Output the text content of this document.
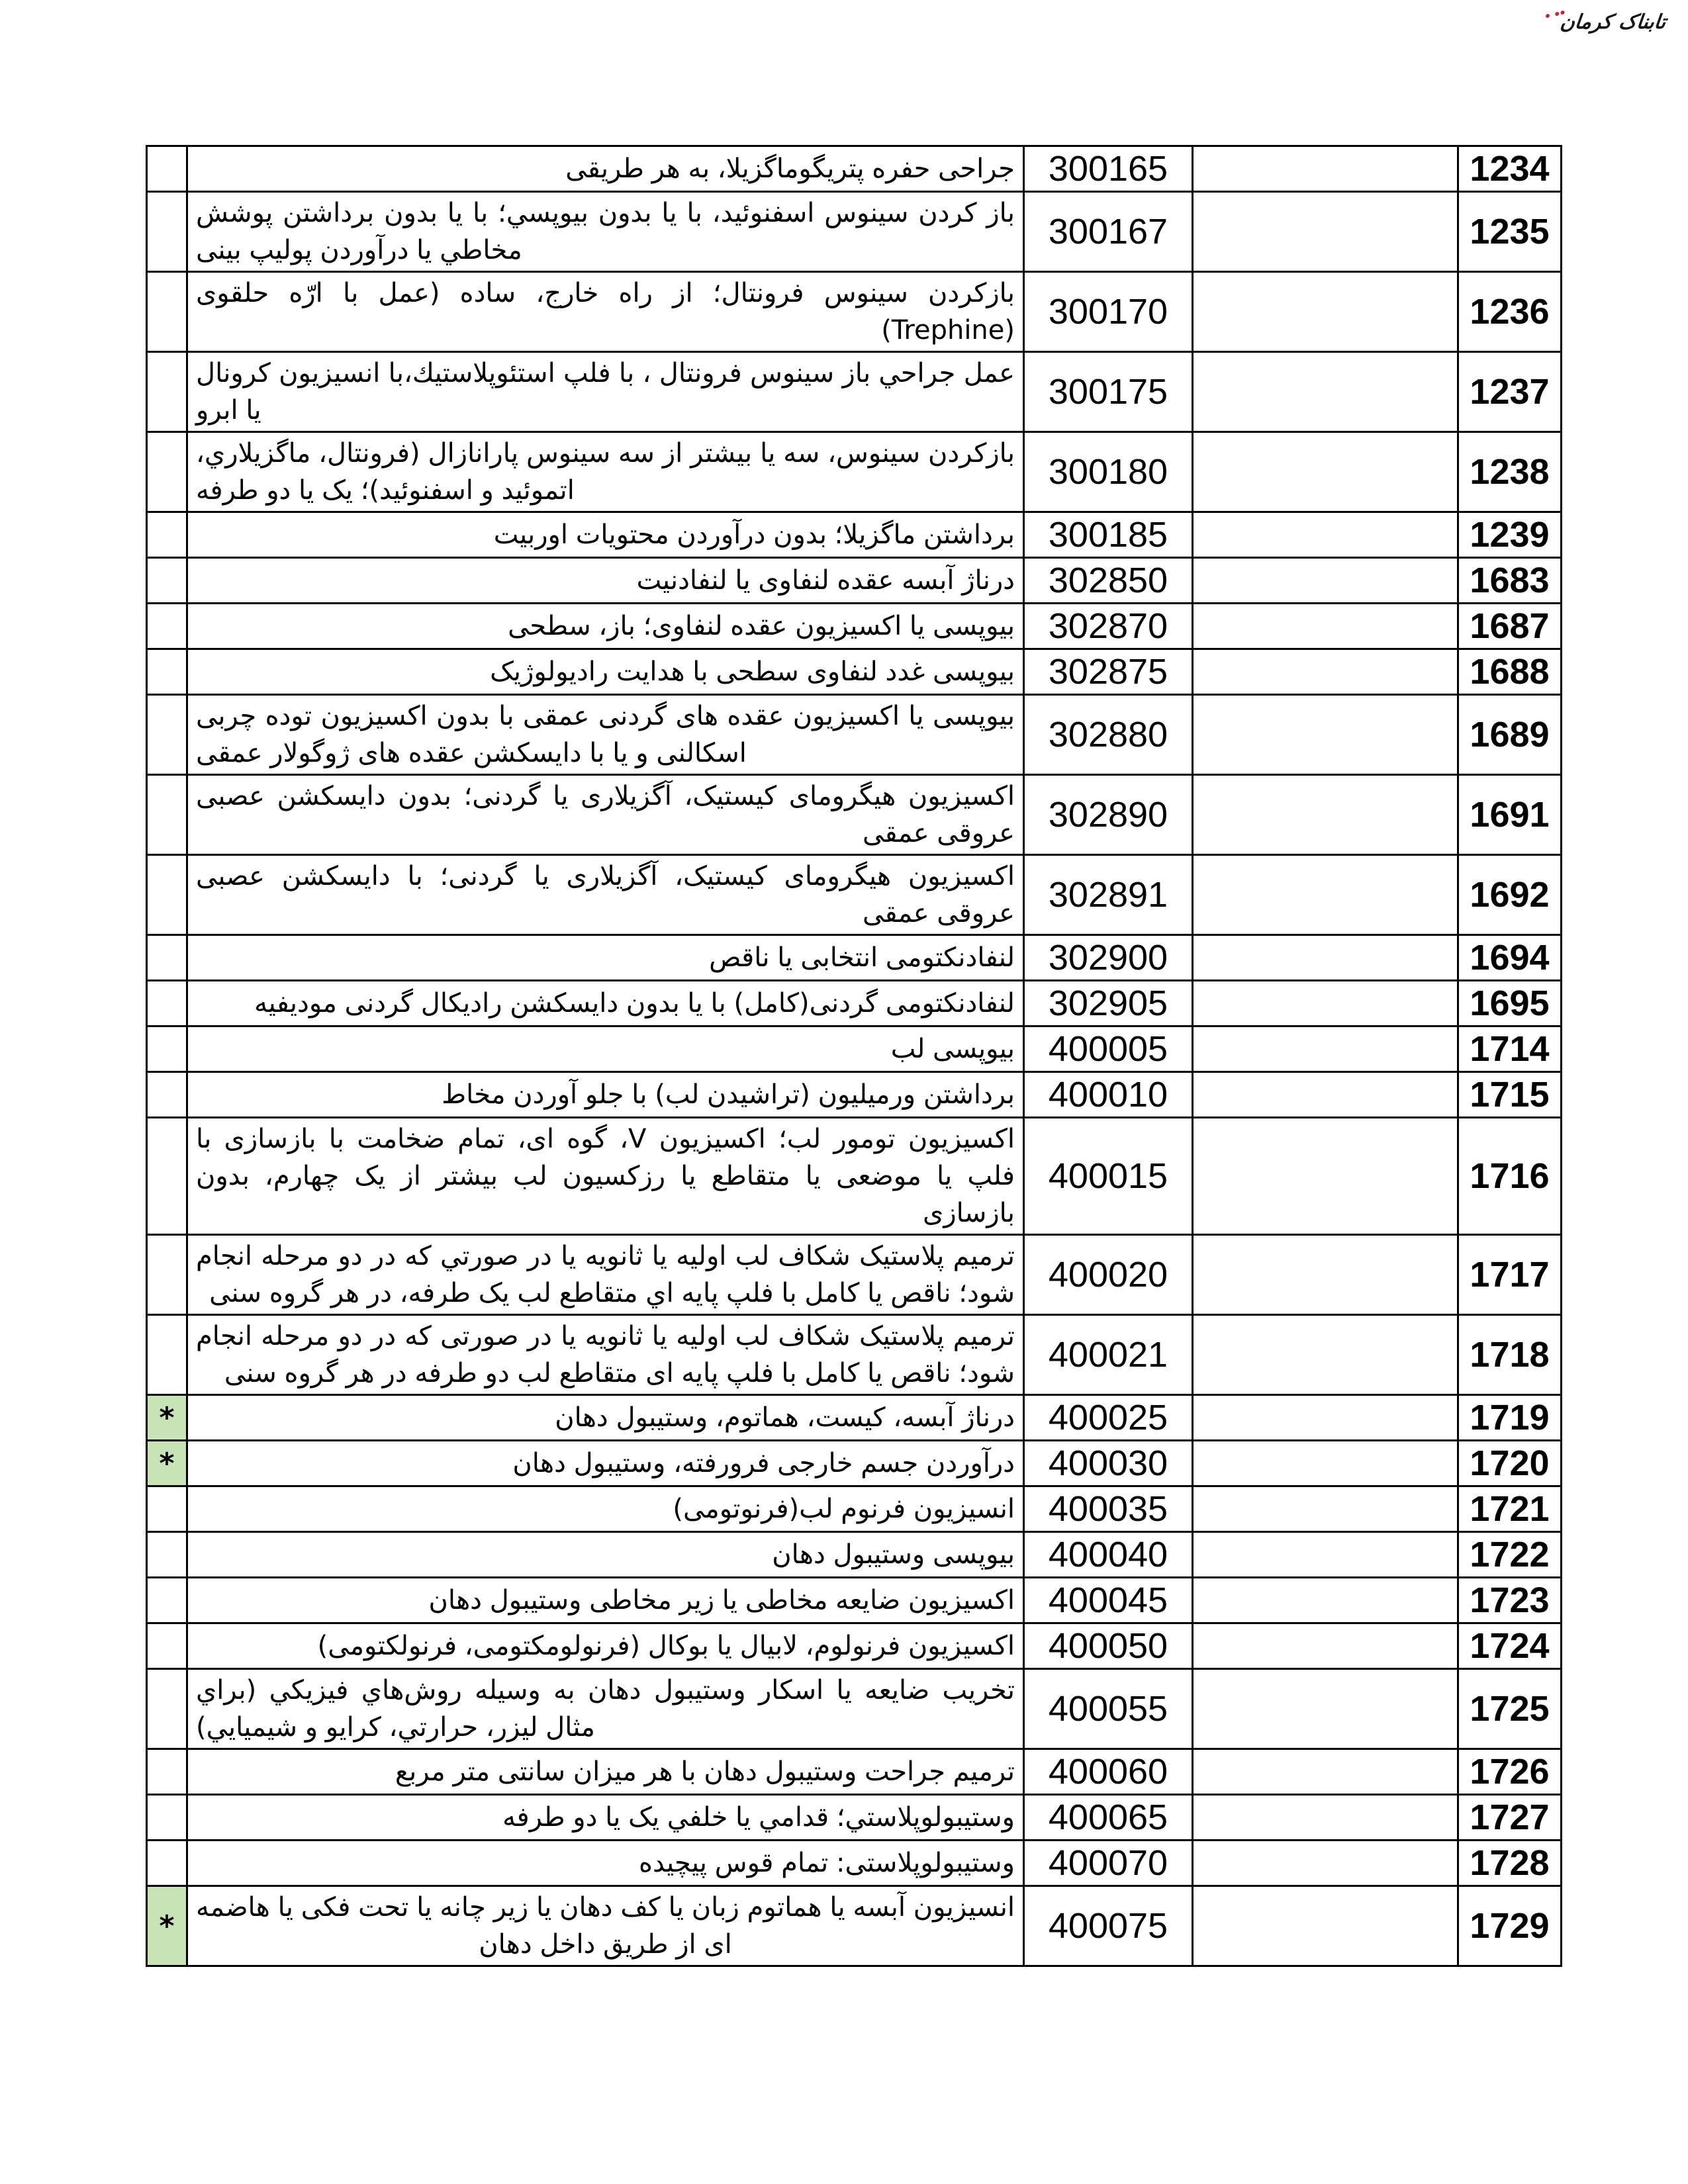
تابناک کرمان
	جراحی حفره پتریگوماگزیلا، به هر طریقی	300165		1234
	باز کردن سینوس اسفنوئید، با یا بدون بیوپسي؛ با یا بدون برداشتن پوشش مخاطي یا درآوردن پولیپ بینی	300167		1235
	بازکردن سینوس فرونتال؛ از راه خارج، ساده (عمل با ارّه حلقوی (Trephine)	300170		1236
	عمل جراحي باز سینوس فرونتال ، با فلپ استئوپلاستیك،با انسیزیون کرونال یا ابرو	300175		1237
	بازکردن سینوس، سه یا بیشتر از سه سینوس پارانازال (فرونتال، ماگزیلاري، اتموئید و اسفنوئید)؛ یک یا دو طرفه	300180		1238
	برداشتن ماگزیلا؛ بدون درآوردن محتویات اوربیت	300185		1239
	درناژ آبسه عقده لنفاوی یا لنفادنیت	302850		1683
	بیوپسی یا اکسیزیون عقده لنفاوی؛ باز، سطحی	302870		1687
	بیوپسی غدد لنفاوی سطحی با هدایت رادیولوژیک	302875		1688
	بیوپسی یا اکسیزیون عقده های گردنی عمقی با بدون اکسیزیون توده چربی اسکالنی و یا با دایسکشن عقده های ژوگولار عمقی	302880		1689
	اکسیزیون هیگرومای کیستیک، آگزیلاری یا گردنی؛ بدون دایسکشن عصبی عروقی عمقی	302890		1691
	اکسیزیون هیگرومای کیستیک، آگزیلاری یا گردنی؛ با دایسکشن عصبی عروقی عمقی	302891		1692
	لنفادنکتومی انتخابی یا ناقص	302900		1694
	لنفادنکتومی گردنی(کامل) با یا بدون دایسکشن رادیکال گردنی مودیفیه	302905		1695
	بیوپسی لب	400005		1714
	برداشتن ورمیلیون (تراشیدن لب) با جلو آوردن مخاط	400010		1715
	اکسیزیون تومور لب؛ اکسیزیون V، گوه ای، تمام ضخامت با بازسازی با فلپ یا موضعی یا متقاطع یا رزکسیون لب بیشتر از یک چهارم، بدون بازسازی	400015		1716
	ترمیم پلاستیک شکاف لب اولیه یا ثانویه یا در صورتي که در دو مرحله انجام شود؛ ناقص یا کامل با فلپ پایه اي متقاطع لب یک طرفه، در هر گروه سنی	400020		1717
	ترمیم پلاستیک شکاف لب اولیه یا ثانویه یا در صورتی که در دو مرحله انجام شود؛ ناقص یا کامل با فلپ پایه ای متقاطع لب دو طرفه در هر گروه سنی	400021		1718
*	درناژ آبسه، کیست، هماتوم، وستیبول دهان	400025		1719
*	درآوردن جسم خارجی فرورفته، وستیبول دهان	400030		1720
	انسیزیون فرنوم لب(فرنوتومی)	400035		1721
	بیوپسی وستیبول دهان	400040		1722
	اکسیزیون ضایعه مخاطی یا زیر مخاطی وستیبول دهان	400045		1723
	اکسیزیون فرنولوم، لابیال یا بوکال (فرنولومکتومی، فرنولکتومی)	400050		1724
	تخریب ضایعه یا اسکار وستیبول دهان به وسیله روش‌هاي فیزیکي (براي مثال لیزر، حرارتي، کرایو و شیمیایي)	400055		1725
	ترمیم جراحت وستیبول دهان با هر میزان سانتی متر مربع	400060		1726
	وستیبولوپلاستي؛ قدامي یا خلفي یک یا دو طرفه	400065		1727
	وستیبولوپلاستی: تمام قوس پیچیده	400070		1728
*	انسیزیون آبسه یا هماتوم زبان یا کف دهان یا زیر چانه یا تحت فکی یا هاضمه ای از طریق داخل دهان	400075		1729
